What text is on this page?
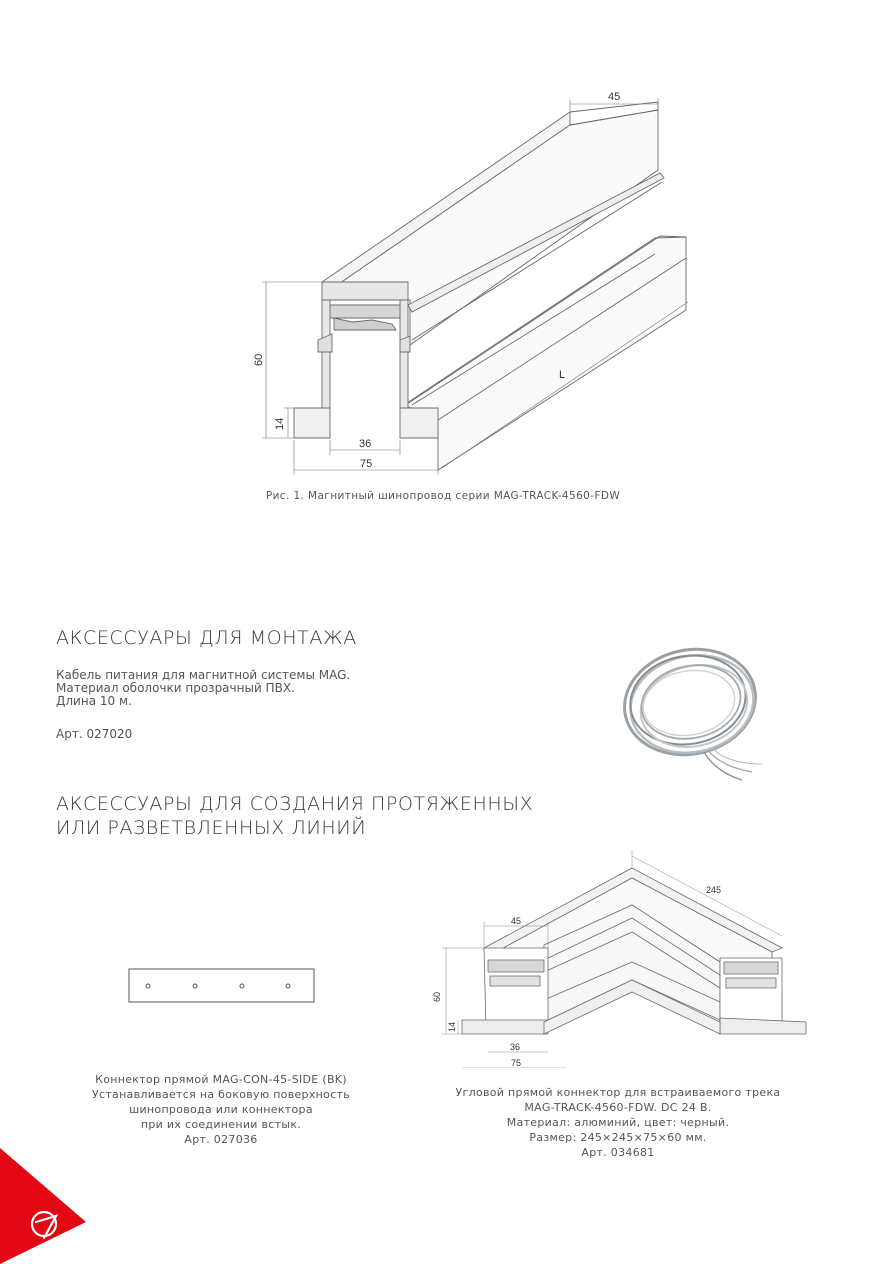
45
60
14
36
75
L
Рис. 1. Магнитный шинопровод серии MAG-TRACK-4560-FDW
АКСЕССУАРЫ ДЛЯ МОНТАЖА
Кабель питания для магнитной системы MAG.
Материал оболочки прозрачный ПВХ.
Длина 10 м.
Арт. 027020
АКСЕССУАРЫ ДЛЯ СОЗДАНИЯ ПРОТЯЖЕННЫХ
ИЛИ РАЗВЕТВЛЕННЫХ ЛИНИЙ
Коннектор прямой MAG-CON-45-SIDE (BK)
Устанавливается на боковую поверхность
шинопровода или коннектора
при их соединении встык.
Арт. 027036
245
45
60
14
36
75
Угловой прямой коннектор для встраиваемого трека
MAG-TRACK-4560-FDW. DC 24 В.
Материал: алюминий, цвет: черный.
Размер: 245×245×75×60 мм.
Арт. 034681
